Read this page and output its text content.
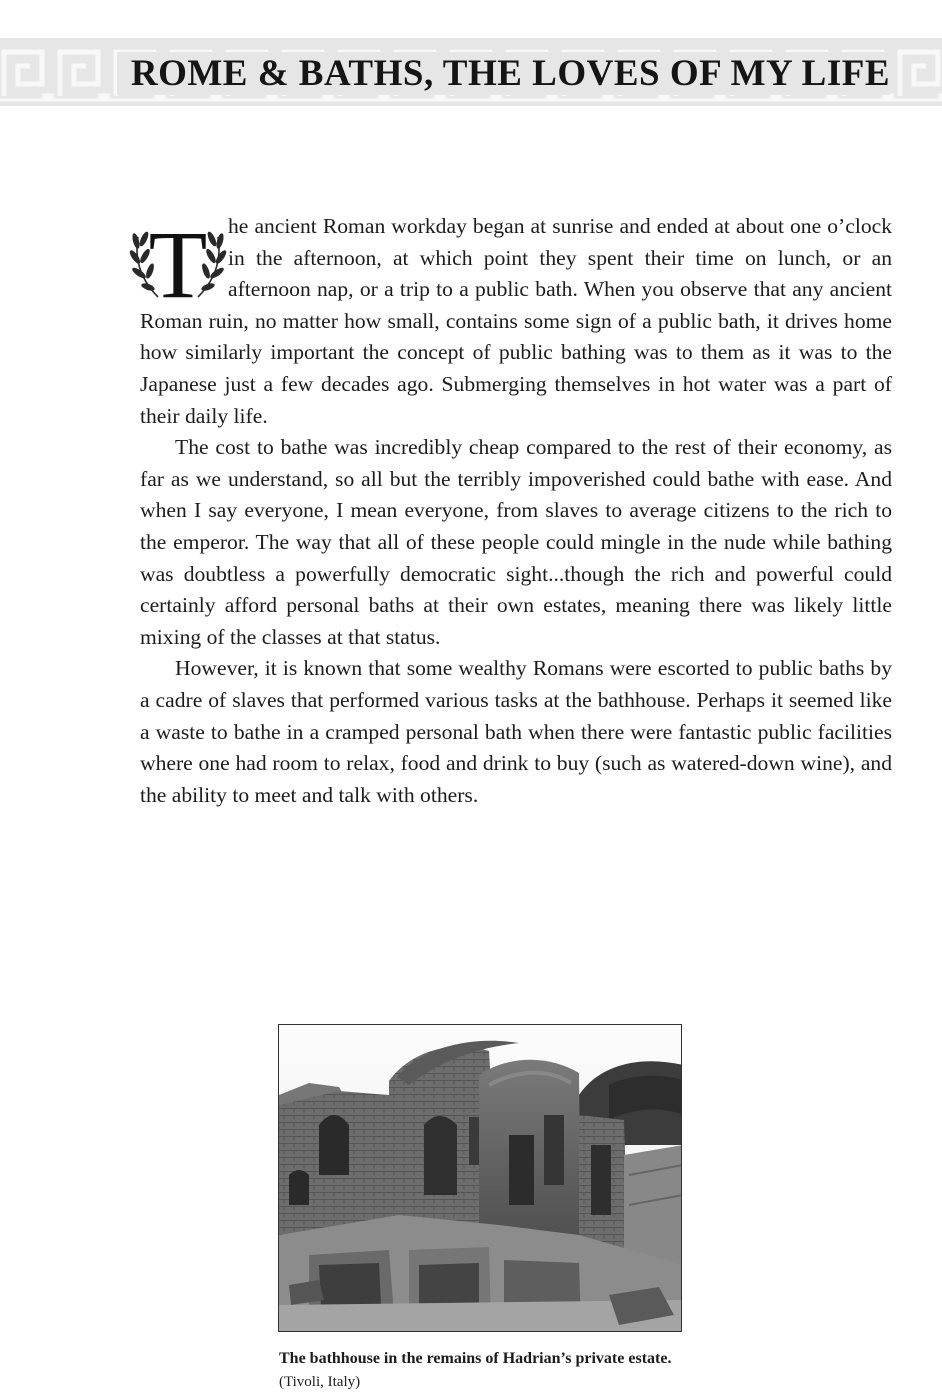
ROME & BATHS, THE LOVES OF MY LIFE
T he ancient Roman workday began at sunrise and ended at about one o’clock in the afternoon, at which point they spent their time on lunch, or an afternoon nap, or a trip to a public bath. When you observe that any ancient Roman ruin, no matter how small, contains some sign of a public bath, it drives home how similarly important the concept of public bathing was to them as it was to the Japanese just a few decades ago. Submerging themselves in hot water was a part of their daily life.

The cost to bathe was incredibly cheap compared to the rest of their economy, as far as we understand, so all but the terribly impoverished could bathe with ease. And when I say everyone, I mean everyone, from slaves to average citizens to the rich to the emperor. The way that all of these people could mingle in the nude while bathing was doubtless a powerfully democratic sight...though the rich and powerful could certainly afford personal baths at their own estates, meaning there was likely little mixing of the classes at that status.

However, it is known that some wealthy Romans were escorted to public baths by a cadre of slaves that performed various tasks at the bathhouse. Perhaps it seemed like a waste to bathe in a cramped personal bath when there were fantastic public facilities where one had room to relax, food and drink to buy (such as watered-down wine), and the ability to meet and talk with others.

The bathhouse in the remains of Hadrian’s private estate. (Tivoli, Italy)
